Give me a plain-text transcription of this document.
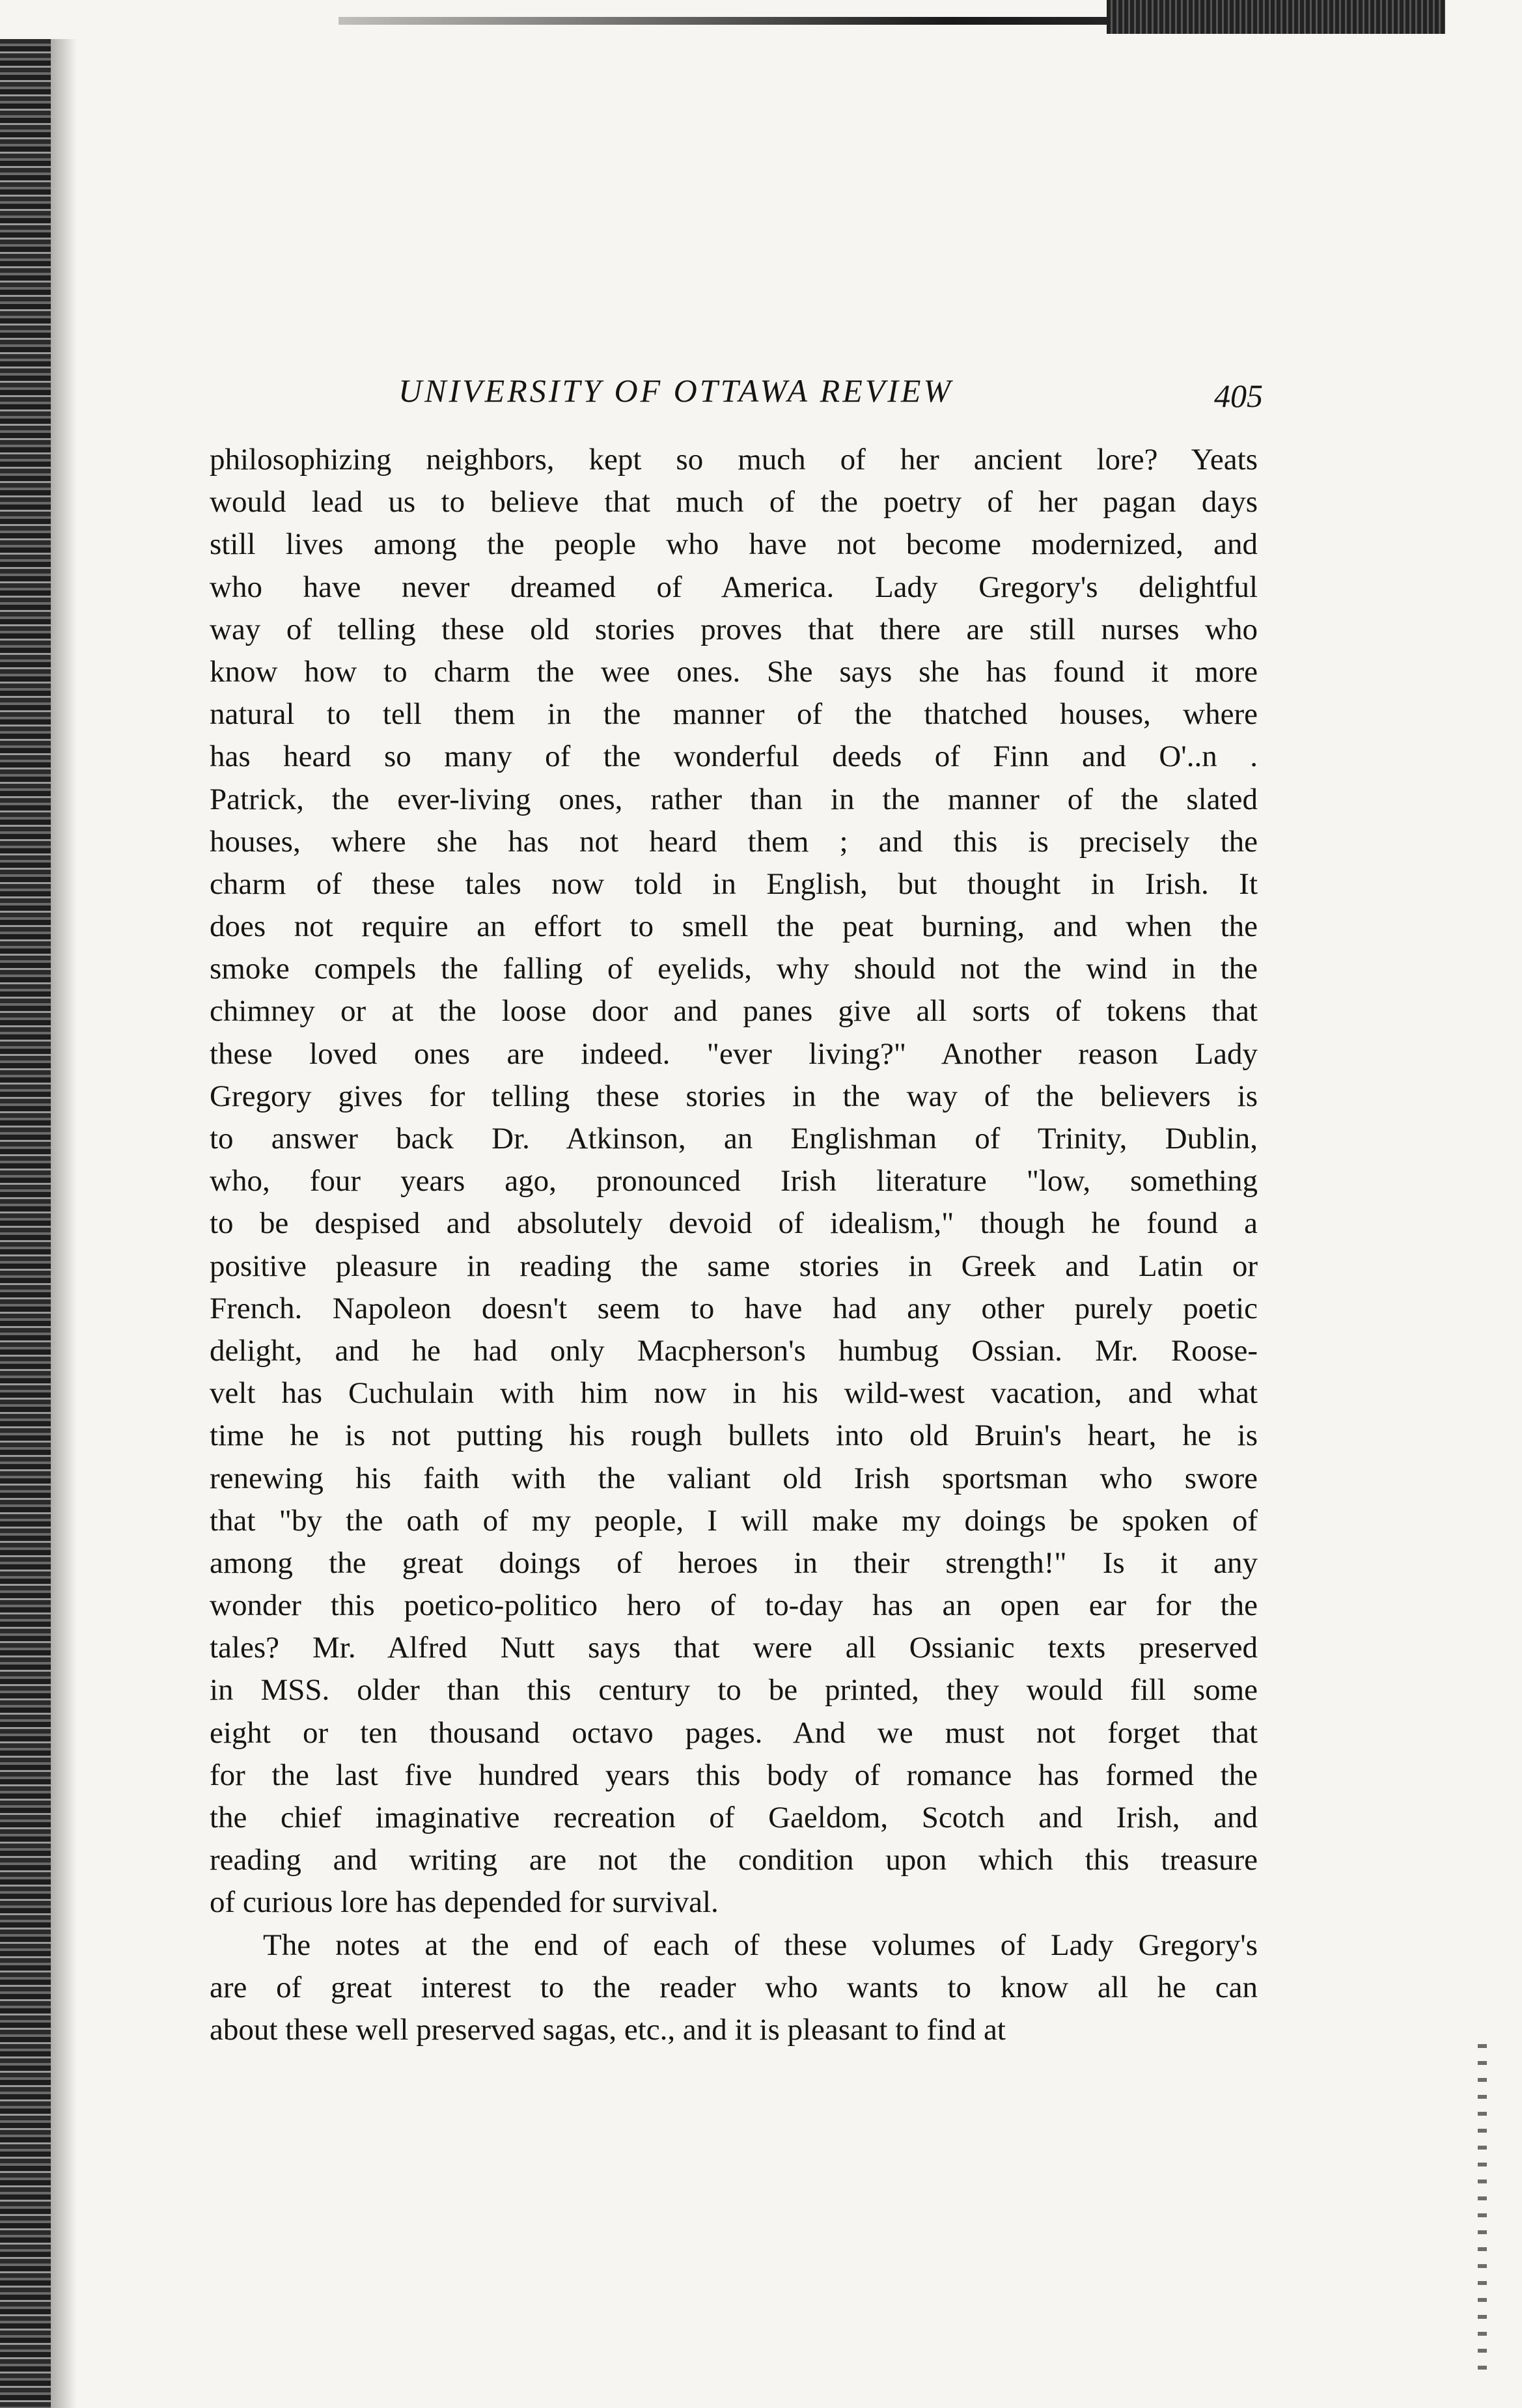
UNIVERSITY OF OTTAWA REVIEW	405
philosophizing neighbors, kept so much of her ancient lore? Yeats
would lead us to believe that much of the poetry of her pagan days
still lives among the people who have not become modernized, and
who have never dreamed of America. Lady Gregory's delightful
way of telling these old stories proves that there are still nurses who
know how to charm the wee ones. She says she has found it more
natural to tell them in the manner of the thatched houses, where
has heard so many of the wonderful deeds of Finn and O'..n .
Patrick, the ever-living ones, rather than in the manner of the slated
houses, where she has not heard them ; and this is precisely the
charm of these tales now told in English, but thought in Irish. It
does not require an effort to smell the peat burning, and when the
smoke compels the falling of eyelids, why should not the wind in the
chimney or at the loose door and panes give all sorts of tokens that
these loved ones are indeed. "ever living?" Another reason Lady
Gregory gives for telling these stories in the way of the believers is
to answer back Dr. Atkinson, an Englishman of Trinity, Dublin,
who, four years ago, pronounced Irish literature "low, something
to be despised and absolutely devoid of idealism," though he found a
positive pleasure in reading the same stories in Greek and Latin or
French. Napoleon doesn't seem to have had any other purely poetic
delight, and he had only Macpherson's humbug Ossian. Mr. Roose-
velt has Cuchulain with him now in his wild-west vacation, and what
time he is not putting his rough bullets into old Bruin's heart, he is
renewing his faith with the valiant old Irish sportsman who swore
that "by the oath of my people, I will make my doings be spoken of
among the great doings of heroes in their strength!" Is it any
wonder this poetico-politico hero of to-day has an open ear for the
tales? Mr. Alfred Nutt says that were all Ossianic texts preserved
in MSS. older than this century to be printed, they would fill some
eight or ten thousand octavo pages. And we must not forget that
for the last five hundred years this body of romance has formed the
the chief imaginative recreation of Gaeldom, Scotch and Irish, and
reading and writing are not the condition upon which this treasure
of curious lore has depended for survival.
The notes at the end of each of these volumes of Lady Gregory's
are of great interest to the reader who wants to know all he can
about these well preserved sagas, etc., and it is pleasant to find at
